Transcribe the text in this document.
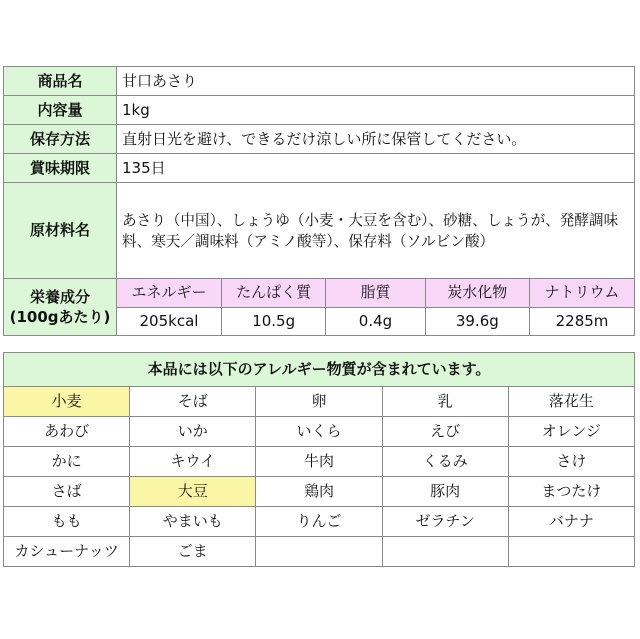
商品名	甘口あさり
内容量	1kg
保存方法	直射日光を避け、できるだけ涼しい所に保管してください。
賞味期限	135日
原材料名	あさり（中国）、しょうゆ（小麦・大豆を含む）、砂糖、しょうが、発酵調味料、寒天／調味料（アミノ酸等）、保存料（ソルビン酸）
栄養成分
(100gあたり)	
エネルギー	たんぱく質	脂質	炭水化物	ナトリウム
205kcal	10.5g	0.4g	39.6g	2285m
本品には以下のアレルギー物質が含まれています。				
小麦	そば	卵	乳	落花生
あわび	いか	いくら	えび	オレンジ
かに	キウイ	牛肉	くるみ	さけ
さば	大豆	鶏肉	豚肉	まつたけ
もも	やまいも	りんご	ゼラチン	バナナ
カシューナッツ	ごま			
